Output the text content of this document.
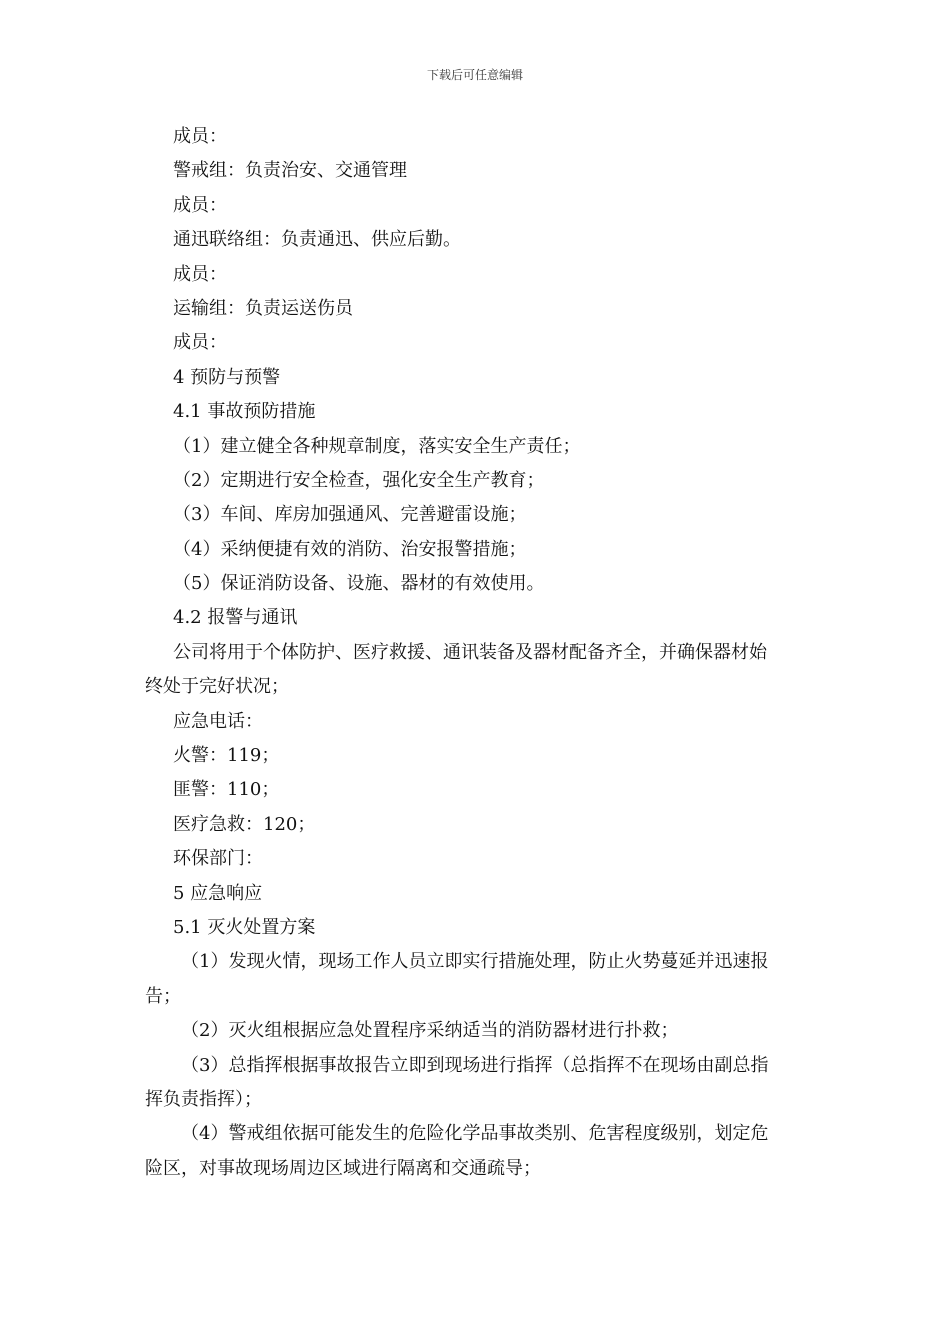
下载后可任意编辑
成员：
警戒组：负责治安、交通管理
成员：
通迅联络组：负责通迅、供应后勤。
成员：
运输组：负责运送伤员
成员：
4 预防与预警
4.1 事故预防措施
（1）建立健全各种规章制度，落实安全生产责任；
（2）定期进行安全检查，强化安全生产教育；
（3）车间、库房加强通风、完善避雷设施；
（4）采纳便捷有效的消防、治安报警措施；
（5）保证消防设备、设施、器材的有效使用。
4.2 报警与通讯
公司将用于个体防护、医疗救援、通讯装备及器材配备齐全，并确保器材始
终处于完好状况；
应急电话：
火警：119；
匪警：110；
医疗急救：120；
环保部门：
5 应急响应
5.1 灭火处置方案
（1）发现火情，现场工作人员立即实行措施处理，防止火势蔓延并迅速报
告；
（2）灭火组根据应急处置程序采纳适当的消防器材进行扑救；
（3）总指挥根据事故报告立即到现场进行指挥（总指挥不在现场由副总指
挥负责指挥）；
（4）警戒组依据可能发生的危险化学品事故类别、危害程度级别，划定危
险区，对事故现场周边区域进行隔离和交通疏导；
